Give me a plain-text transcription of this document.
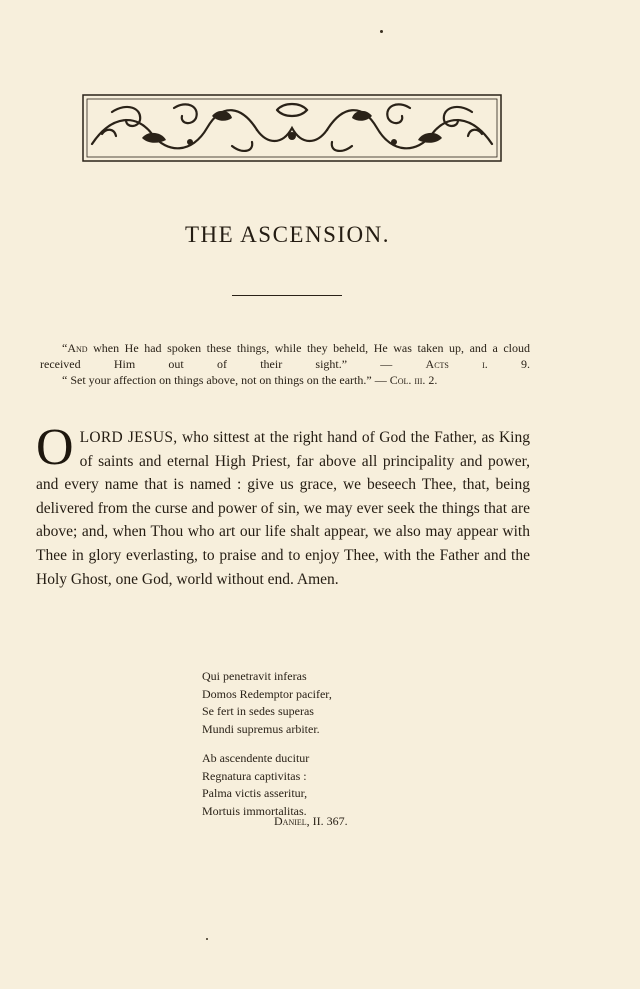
THE ASCENSION.

“And when He had spoken these things, while they beheld, He was taken up, and a cloud received Him out of their sight.” — Acts i. 9.

“ Set your affection on things above, not on things on the earth.” — Col. iii. 2.

OLORD JESUS, who sittest at the right hand of God the Father, as King of saints and eternal High Priest, far above all principality and power, and every name that is named : give us grace, we beseech Thee, that, being delivered from the curse and power of sin, we may ever seek the things that are above; and, when Thou who art our life shalt appear, we also may appear with Thee in glory everlasting, to praise and to enjoy Thee, with the Father and the Holy Ghost, one God, world without end. Amen.
Qui penetravit inferas
Domos Redemptor pacifer,
Se fert in sedes superas
Mundi supremus arbiter.
Ab ascendente ducitur
Regnatura captivitas :
Palma victis asseritur,
Mortuis immortalitas.
Daniel, II. 367.
